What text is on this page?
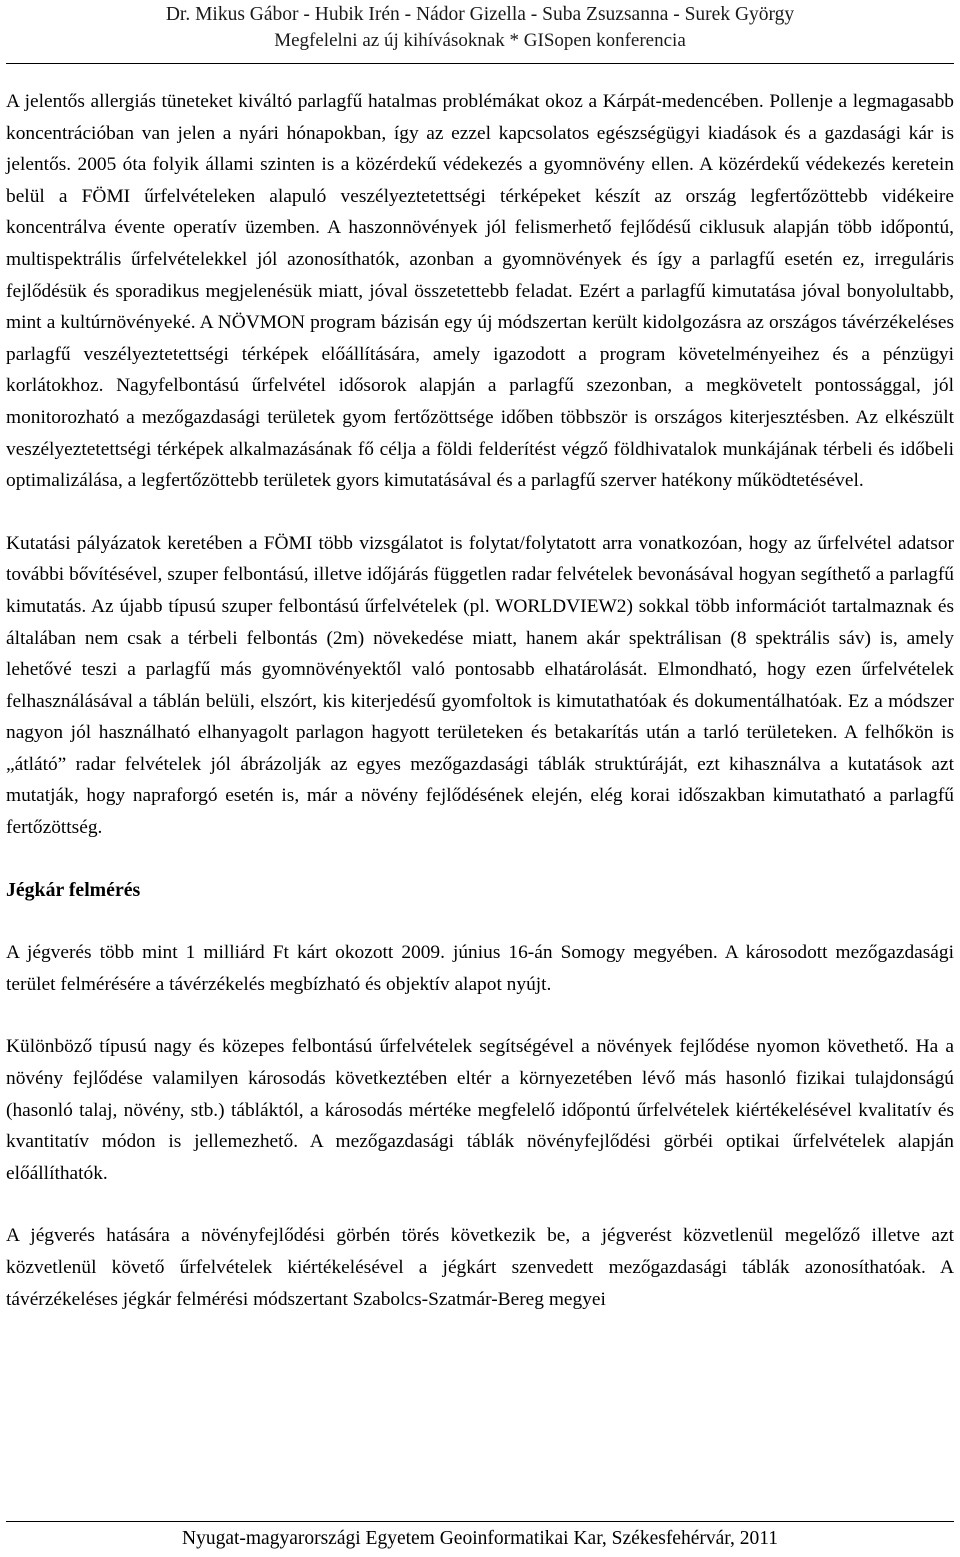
Dr. Mikus Gábor - Hubik Irén - Nádor Gizella - Suba Zsuzsanna - Surek György
Megfelelni az új kihívásoknak * GISopen konferencia

A jelentős allergiás tüneteket kiváltó parlagfű hatalmas problémákat okoz a Kárpát-medencében. Pollenje a legmagasabb koncentrációban van jelen a nyári hónapokban, így az ezzel kapcsolatos egészségügyi kiadások és a gazdasági kár is jelentős. 2005 óta folyik állami szinten is a közérdekű védekezés a gyomnövény ellen. A közérdekű védekezés keretein belül a FÖMI űrfelvételeken alapuló veszélyeztetettségi térképeket készít az ország legfertőzöttebb vidékeire koncentrálva évente operatív üzemben. A haszonnövények jól felismerhető fejlődésű ciklusuk alapján több időpontú, multispektrális űrfelvételekkel jól azonosíthatók, azonban a gyomnövények és így a parlagfű esetén ez, irreguláris fejlődésük és sporadikus megjelenésük miatt, jóval összetettebb feladat. Ezért a parlagfű kimutatása jóval bonyolultabb, mint a kultúrnövényeké. A NÖVMON program bázisán egy új módszertan került kidolgozásra az országos távérzékeléses parlagfű veszélyeztetettségi térképek előállítására, amely igazodott a program követelményeihez és a pénzügyi korlátokhoz. Nagyfelbontású űrfelvétel idősorok alapján a parlagfű szezonban, a megkövetelt pontossággal, jól monitorozható a mezőgazdasági területek gyom fertőzöttsége időben többször is országos kiterjesztésben. Az elkészült veszélyeztetettségi térképek alkalmazásának fő célja a földi felderítést végző földhivatalok munkájának térbeli és időbeli optimalizálása, a legfertőzöttebb területek gyors kimutatásával és a parlagfű szerver hatékony működtetésével.

Kutatási pályázatok keretében a FÖMI több vizsgálatot is folytat/folytatott arra vonatkozóan, hogy az űrfelvétel adatsor további bővítésével, szuper felbontású, illetve időjárás független radar felvételek bevonásával hogyan segíthető a parlagfű kimutatás. Az újabb típusú szuper felbontású űrfelvételek (pl. WORLDVIEW2) sokkal több információt tartalmaznak és általában nem csak a térbeli felbontás (2m) növekedése miatt, hanem akár spektrálisan (8 spektrális sáv) is, amely lehetővé teszi a parlagfű más gyomnövényektől való pontosabb elhatárolását. Elmondható, hogy ezen űrfelvételek felhasználásával a táblán belüli, elszórt, kis kiterjedésű gyomfoltok is kimutathatóak és dokumentálhatóak. Ez a módszer nagyon jól használható elhanyagolt parlagon hagyott területeken és betakarítás után a tarló területeken. A felhőkön is „átlátó” radar felvételek jól ábrázolják az egyes mezőgazdasági táblák struktúráját, ezt kihasználva a kutatások azt mutatják, hogy napraforgó esetén is, már a növény fejlődésének elején, elég korai időszakban kimutatható a parlagfű fertőzöttség.

Jégkár felmérés

A jégverés több mint 1 milliárd Ft kárt okozott 2009. június 16-án Somogy megyében. A károsodott mezőgazdasági terület felmérésére a távérzékelés megbízható és objektív alapot nyújt.

Különböző típusú nagy és közepes felbontású űrfelvételek segítségével a növények fejlődése nyomon követhető. Ha a növény fejlődése valamilyen károsodás következtében eltér a környezetében lévő más hasonló fizikai tulajdonságú (hasonló talaj, növény, stb.) tábláktól, a károsodás mértéke megfelelő időpontú űrfelvételek kiértékelésével kvalitatív és kvantitatív módon is jellemezhető. A mezőgazdasági táblák növényfejlődési görbéi optikai űrfelvételek alapján előállíthatók.

A jégverés hatására a növényfejlődési görbén törés következik be, a jégverést közvetlenül megelőző illetve azt közvetlenül követő űrfelvételek kiértékelésével a jégkárt szenvedett mezőgazdasági táblák azonosíthatóak. A távérzékeléses jégkár felmérési módszertant Szabolcs-Szatmár-Bereg megyei

Nyugat-magyarországi Egyetem Geoinformatikai Kar, Székesfehérvár, 2011
